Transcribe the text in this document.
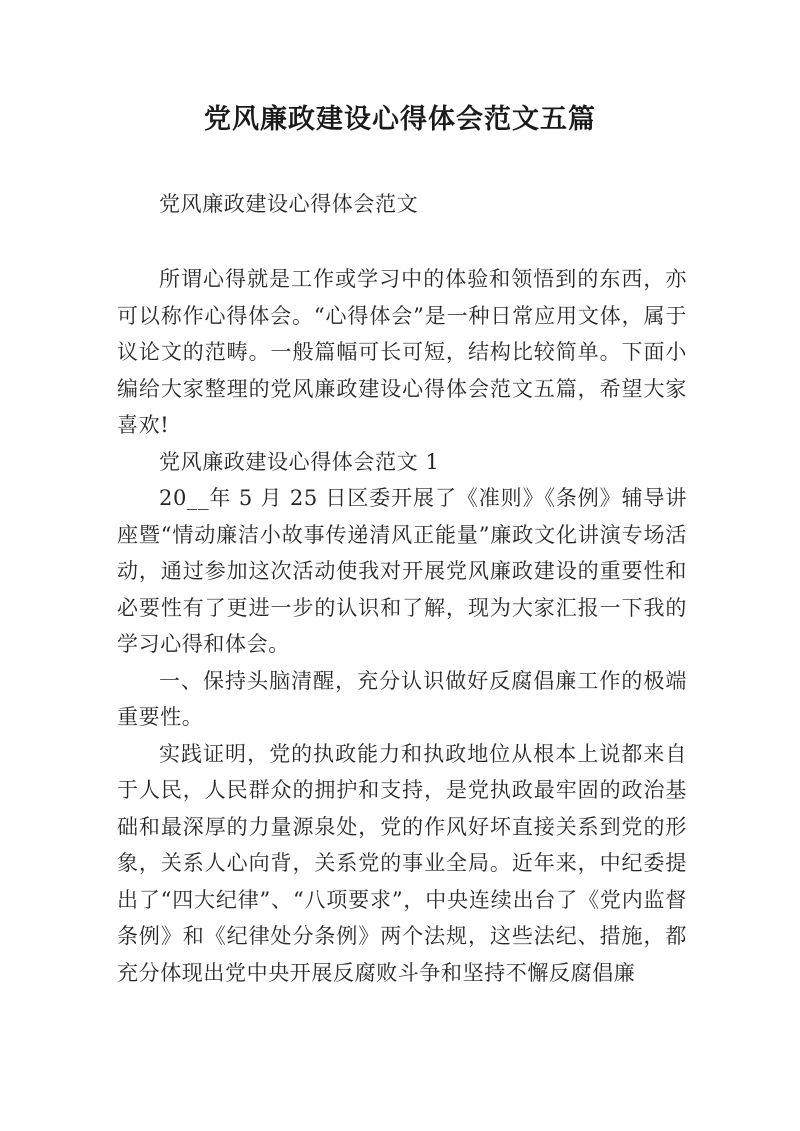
党风廉政建设心得体会范文五篇

党风廉政建设心得体会范文

所谓心得就是工作或学习中的体验和领悟到的东西，亦可以称作心得体会。“心得体会”是一种日常应用文体，属于议论文的范畴。一般篇幅可长可短，结构比较简单。下面小编给大家整理的党风廉政建设心得体会范文五篇，希望大家喜欢!

党风廉政建设心得体会范文 1

20__年 5 月 25 日区委开展了《准则》《条例》辅导讲座暨“情动廉洁小故事传递清风正能量”廉政文化讲演专场活动，通过参加这次活动使我对开展党风廉政建设的重要性和必要性有了更进一步的认识和了解，现为大家汇报一下我的学习心得和体会。

一、保持头脑清醒，充分认识做好反腐倡廉工作的极端重要性。

实践证明，党的执政能力和执政地位从根本上说都来自于人民，人民群众的拥护和支持，是党执政最牢固的政治基础和最深厚的力量源泉处，党的作风好坏直接关系到党的形象，关系人心向背，关系党的事业全局。近年来，中纪委提出了“四大纪律”、“八项要求”，中央连续出台了《党内监督条例》和《纪律处分条例》两个法规，这些法纪、措施，都充分体现出党中央开展反腐败斗争和坚持不懈反腐倡廉
